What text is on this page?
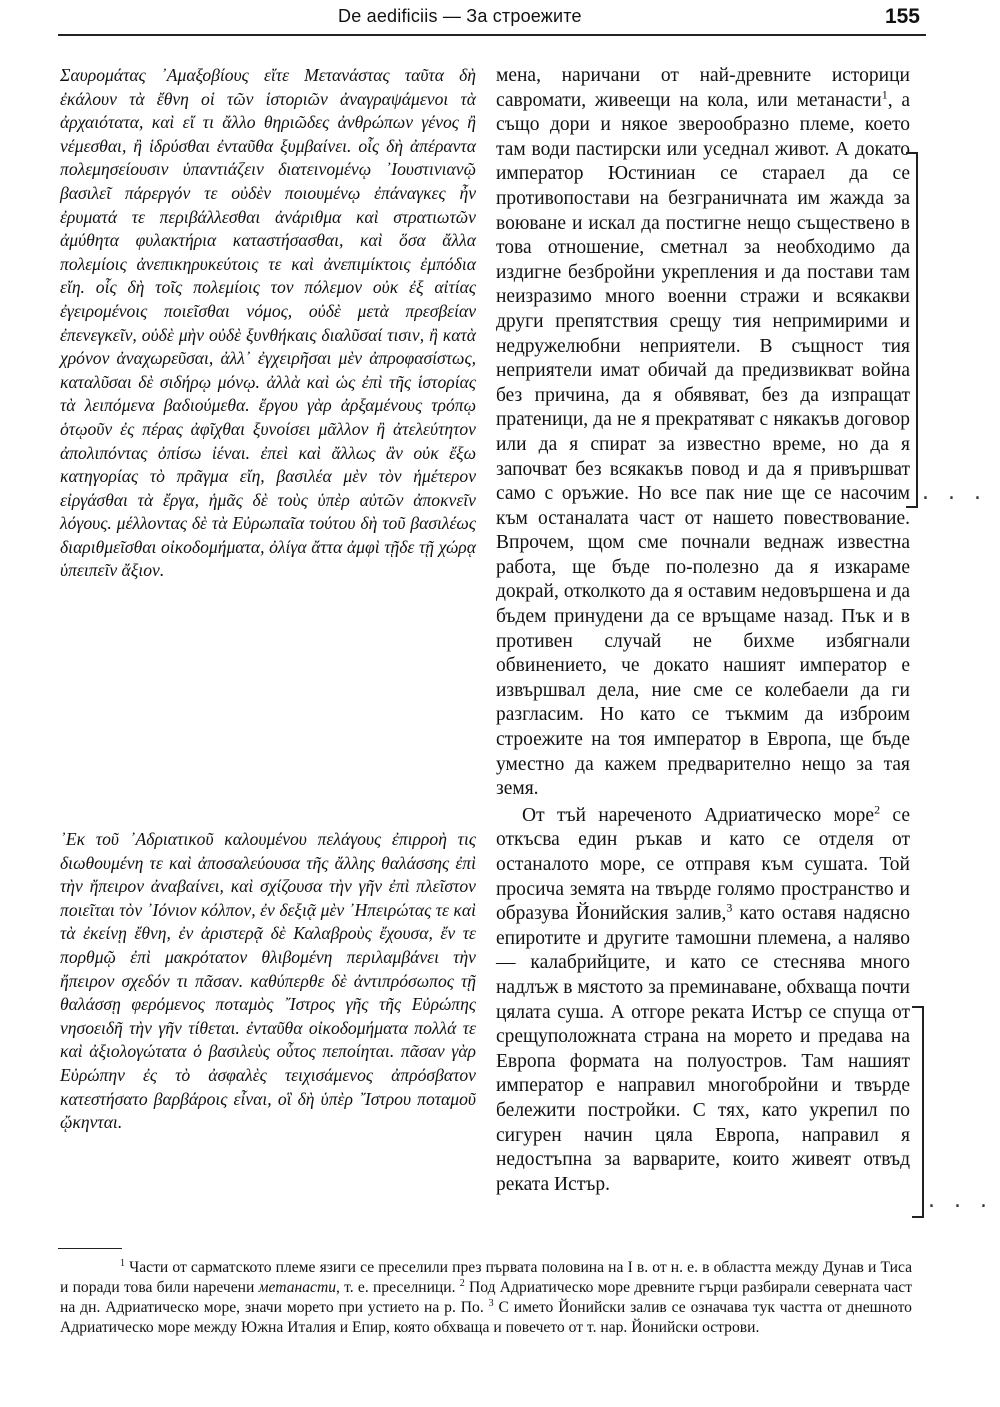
De aedificiis — За строежите	155

Σαυρομάτας ᾿Αμαξοβίους εἴτε Μετανάστας ταῦτα δὴ ἐκάλουν τὰ ἔθνη οἱ τῶν ἱστοριῶν ἀναγραψάμενοι τὰ ἀρχαιότατα, καὶ εἴ τι ἄλλο θηριῶδες ἀνθρώπων γένος ἢ νέμεσθαι, ἢ ἱδρύσθαι ἐνταῦθα ξυμβαίνει. οἷς δὴ ἀπέραντα πολεμησείουσιν ὑπαντιάζειν διατεινομένῳ ᾿Ιουστινιανῷ βασιλεῖ πάρεργόν τε οὐδὲν ποιουμένῳ ἐπάναγκες ἦν ἐρυματά τε περιβάλλεσθαι ἀνάριθμα καὶ στρατιωτῶν ἀμύθητα φυλακτήρια καταστήσασθαι, καὶ ὅσα ἄλλα πολεμίοις ἀνεπικηρυκεύτοις τε καὶ ἀνεπιμίκτοις ἐμπόδια εἴη. οἷς δὴ τοῖς πολεμίοις τον πόλεμον οὐκ ἐξ αἰτίας ἐγειρομένοις ποιεῖσθαι νόμος, οὐδὲ μετὰ πρεσβείαν ἐπενεγκεῖν, οὐδὲ μὴν οὐδὲ ξυνθήκαις διαλῦσαί τισιν, ἢ κατὰ χρόνον ἀναχωρεῦσαι, ἀλλ᾿ ἐγχειρῆσαι μὲν ἀπροφασίστως, καταλῦσαι δὲ σιδήρῳ μόνῳ. ἀλλὰ καὶ ὡς ἐπὶ τῆς ἱστορίας τὰ λειπόμενα βαδιούμεθα. ἔργου γὰρ ἀρξαμένους τρόπῳ ὁτῳοῦν ἐς πέρας ἀφῖχθαι ξυνοίσει μᾶλλον ἢ ἀτελεύτητον ἀπολιπόντας ὀπίσω ἰέναι. ἐπεὶ καὶ ἄλλως ἂν οὐκ ἔξω κατηγορίας τὸ πρᾶγμα εἴη, βασιλέα μὲν τὸν ἡμέτερον εἰργάσθαι τὰ ἔργα, ἡμᾶς δὲ τοὺς ὑπὲρ αὐτῶν ἀποκνεῖν λόγους. μέλλοντας δὲ τὰ Εὐρωπαῖα τούτου δὴ τοῦ βασιλέως διαριθμεῖσθαι οἰκοδομήματα, ὀλίγα ἄττα ἀμφὶ τῇδε τῇ χώρᾳ ὑπειπεῖν ἄξιον.

᾿Εκ τοῦ ᾿Αδριατικοῦ καλουμένου πελάγους ἐπιρροὴ τις διωθουμένη τε καὶ ἀποσαλεύουσα τῆς ἄλλης θαλάσσης ἐπὶ τὴν ἤπειρον ἀναβαίνει, καὶ σχίζουσα τὴν γῆν ἐπὶ πλεῖστον ποιεῖται τὸν ᾿Ιόνιον κόλπον, ἐν δεξιᾷ μὲν ᾿Ηπειρώτας τε καὶ τὰ ἐκείνῃ ἔθνη, ἐν ἀριστερᾷ δὲ Καλαβροὺς ἔχουσα, ἔν τε πορθμῷ ἐπὶ μακρότατον θλιβομένη περιλαμβάνει τὴν ἤπειρον σχεδόν τι πᾶσαν. καθύπερθε δὲ ἀντιπρόσωπος τῇ θαλάσσῃ φερόμενος ποταμὸς ῎Ιστρος γῆς τῆς Εὐρώπης νησοειδῆ τὴν γῆν τίθεται. ἐνταῦθα οἰκοδομήματα πολλά τε καὶ ἀξιολογώτατα ὁ βασιλεὺς οὗτος πεποίηται. πᾶσαν γὰρ Εὐρώπην ἐς τὸ ἀσφαλὲς τειχισάμενος ἀπρόσβατον κατεστήσατο βαρβάροις εἶναι, οἳ δὴ ὑπὲρ ῎Ιστρου ποταμοῦ ᾤκηνται.

мена, наричани от най-древните историци савромати, живеещи на кола, или метанасти$^1$, а също дори и някое зверообразно племе, което там води пастирски или уседнал живот. А докато император Юстиниан се стараел да се противопостави на безграничната им жажда за воюване и искал да постигне нещо съществено в това отношение, сметнал за необходимо да издигне безбройни укрепления и да постави там неизразимо много военни стражи и всякакви други препятствия срещу тия непримирими и недружелюбни неприятели. В същност тия неприятели имат обичай да предизвикват война без причина, да я обявяват, без да изпращат пратеници, да не я прекратяват с някакъв договор или да я спират за известно време, но да я започват без всякакъв повод и да я привършват само с оръжие. Но все пак ние ще се насочим към останалата част от нашето повествование. Впрочем, щом сме почнали веднаж известна работа, ще бъде по-полезно да я изкараме докрай, отколкото да я оставим недовършена и да бъдем принудени да се връщаме назад. Пък и в противен случай не бихме избягнали обвинението, че докато нашият император е извършвал дела, ние сме се колебаели да ги разгласим. Но като се тъкмим да изброим строежите на тоя император в Европа, ще бъде уместно да кажем предварително нещо за тая земя.

От тъй нареченото Адриатическо море$^2$ се откъсва един ръкав и като се отделя от останалото море, се отправя към сушата. Той просича земята на твърде голямо пространство и образува Йонийския залив,$^3$ като оставя надясно епиротите и другите тамошни племена, а наляво — калабрийците, и като се стеснява много надлъж в мястото за преминаване, обхваща почти цялата суша. А отгоре реката Истър се спуща от срещуположната страна на морето и предава на Европа формата на полуостров. Там нашият император е направил многобройни и твърде бележити постройки. С тях, като укрепил по сигурен начин цяла Европа, направил я недостъпна за варварите, които живеят отвъд реката Истър.

. . .
. . .

$^1$ Части от сарматското племе язиги се преселили през първата половина на I в. от н. е. в областта между Дунав и Тиса и поради това били наречени метанасти, т. е. преселници. $^2$ Под Адриатическо море древните гърци разбирали северната част на дн. Адриатическо море, значи морето при устието на р. По. $^3$ С името Йонийски залив се означава тук частта от днешното Адриатическо море между Южна Италия и Епир, която обхваща и повечето от т. нар. Йонийски острови.
